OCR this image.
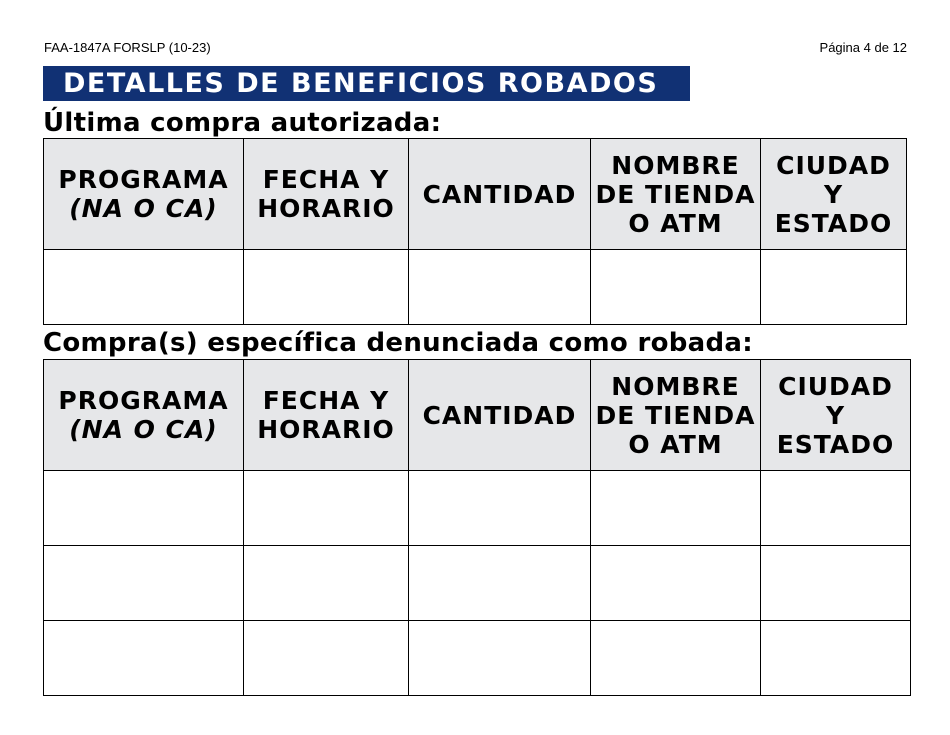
FAA-1847A FORSLP (10-23)	Página 4 de 12
DETALLES DE BENEFICIOS ROBADOS
Última compra autorizada:
PROGRAMA
(NA O CA)	FECHA Y HORARIO	CANTIDAD	NOMBRE DE TIENDA O ATM	CIUDAD Y ESTADO

Compra(s) específica denunciada como robada:
PROGRAMA
(NA O CA)	FECHA Y HORARIO	CANTIDAD	NOMBRE DE TIENDA O ATM	CIUDAD Y ESTADO
